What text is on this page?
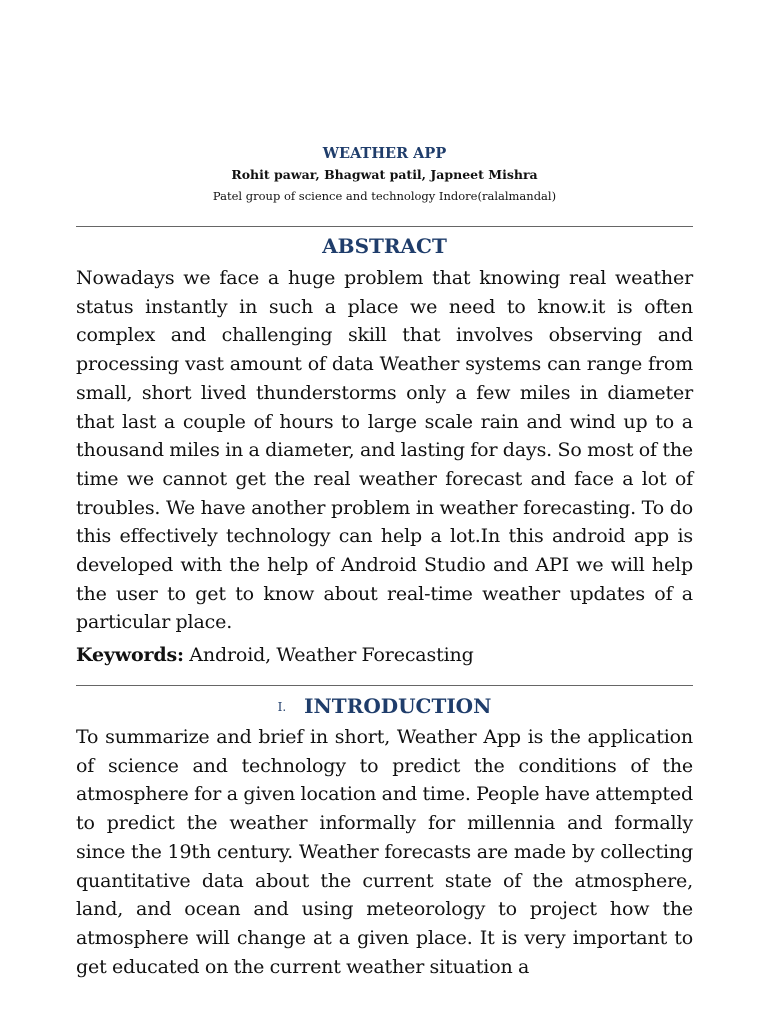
WEATHER APP

Rohit pawar, Bhagwat patil, Japneet Mishra

Patel group of science and technology Indore(ralalmandal)

ABSTRACT

Nowadays we face a huge problem that knowing real weather status instantly in such a place we need to know.it is often complex and challenging skill that involves observing and processing vast amount of data Weather systems can range from small, short lived thunderstorms only a few miles in diameter that last a couple of hours to large scale rain and wind up to a thousand miles in a diameter, and lasting for days. So most of the time we cannot get the real weather forecast and face a lot of troubles. We have another problem in weather forecasting. To do this effectively technology can help a lot.In this android app is developed with the help of Android Studio and API we will help the user to get to know about real-time weather updates of a particular place.

Keywords: Android, Weather Forecasting

I. INTRODUCTION

To summarize and brief in short, Weather App is the application of science and technology to predict the conditions of the atmosphere for a given location and time. People have attempted to predict the weather informally for millennia and formally since the 19th century. Weather forecasts are made by collecting quantitative data about the current state of the atmosphere, land, and ocean and using meteorology to project how the atmosphere will change at a given place. It is very important to get educated on the current weather situation a
